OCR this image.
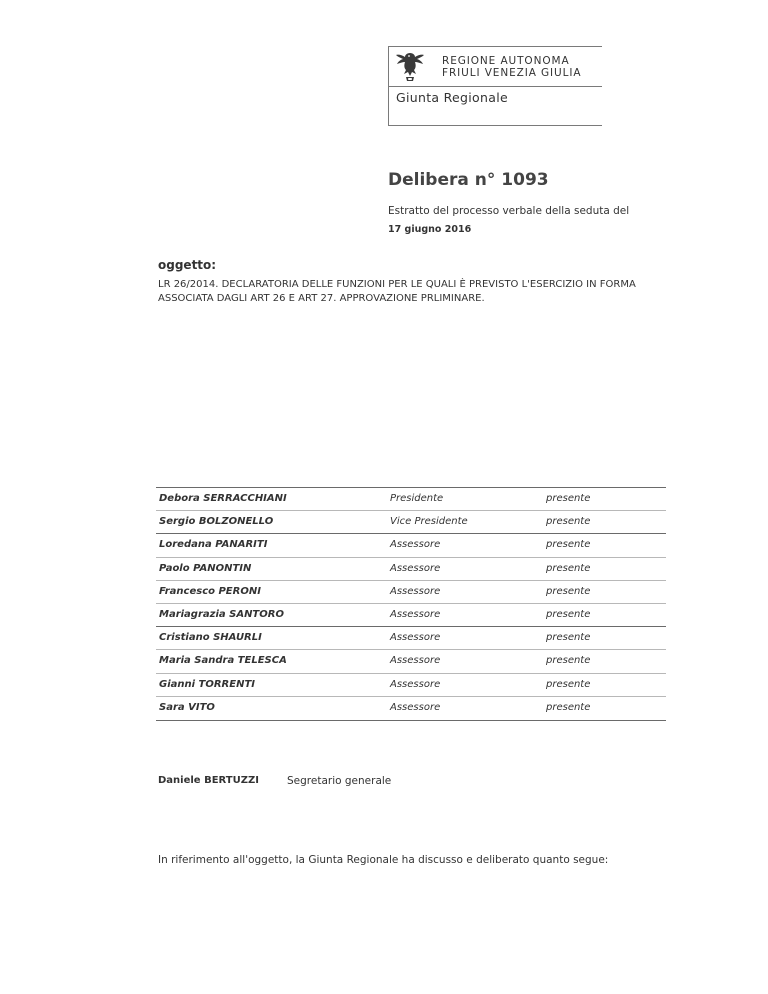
REGIONE AUTONOMA
FRIULI VENEZIA GIULIA
Giunta Regionale
Delibera n° 1093
Estratto del processo verbale della seduta del
17 giugno 2016
oggetto:
LR 26/2014. DECLARATORIA DELLE FUNZIONI PER LE QUALI È PREVISTO L'ESERCIZIO IN FORMA ASSOCIATA DAGLI ART 26 E ART 27. APPROVAZIONE PRLIMINARE.
Debora SERRACCHIANI	Presidente	presente
Sergio BOLZONELLO	Vice Presidente	presente
Loredana PANARITI	Assessore	presente
Paolo PANONTIN	Assessore	presente
Francesco PERONI	Assessore	presente
Mariagrazia SANTORO	Assessore	presente
Cristiano SHAURLI	Assessore	presente
Maria Sandra TELESCA	Assessore	presente
Gianni TORRENTI	Assessore	presente
Sara VITO	Assessore	presente
Daniele BERTUZZI	Segretario generale
In riferimento all'oggetto, la Giunta Regionale ha discusso e deliberato quanto segue:
